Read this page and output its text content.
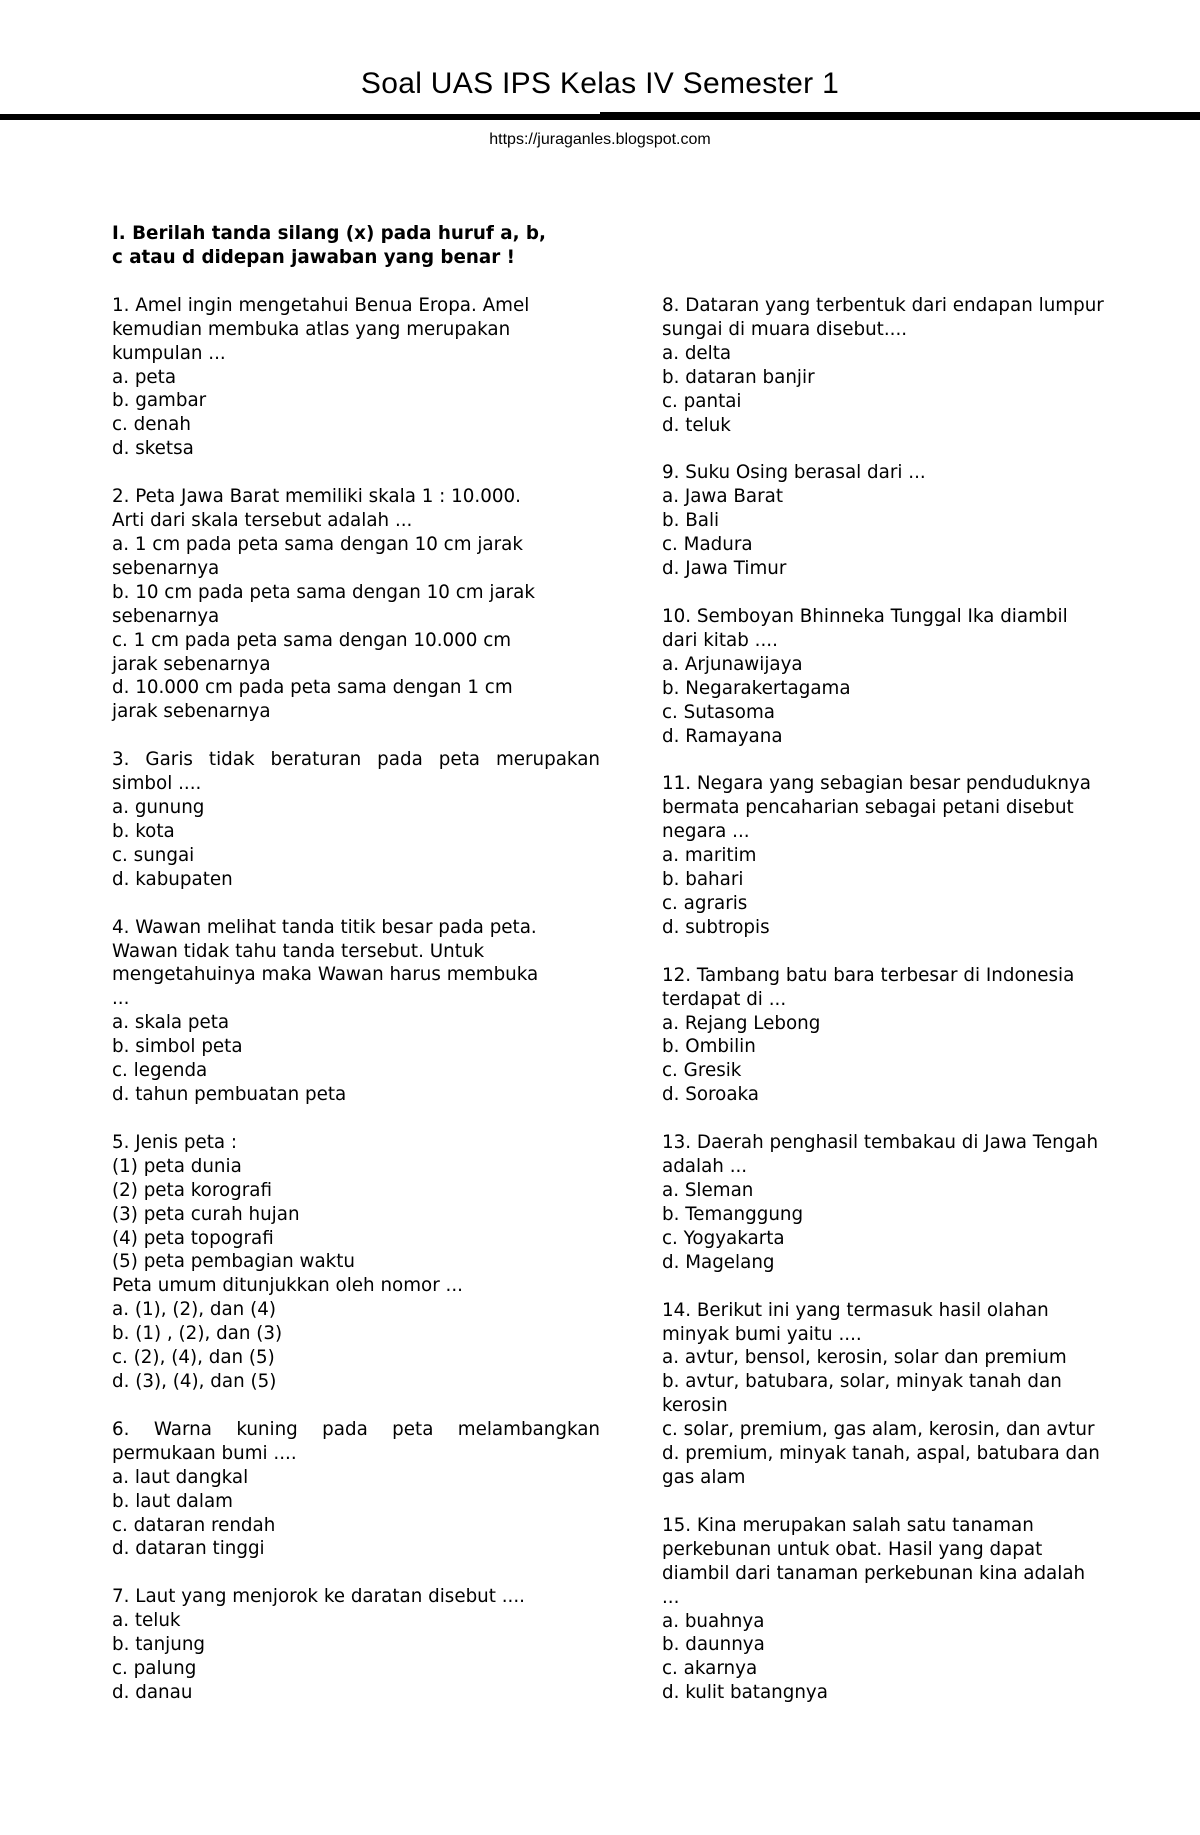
Soal UAS IPS Kelas IV Semester 1
https://juraganles.blogspot.com
I. Berilah tanda silang (x) pada huruf a, b,
c atau d didepan jawaban yang benar !
1. Amel ingin mengetahui Benua Eropa. Amel
kemudian membuka atlas yang merupakan
kumpulan ...
a. peta
b. gambar
c. denah
d. sketsa
2. Peta Jawa Barat memiliki skala 1 : 10.000.
Arti dari skala tersebut adalah ...
a. 1 cm pada peta sama dengan 10 cm jarak
sebenarnya
b. 10 cm pada peta sama dengan 10 cm jarak
sebenarnya
c. 1 cm pada peta sama dengan 10.000 cm
jarak sebenarnya
d. 10.000 cm pada peta sama dengan 1 cm
jarak sebenarnya
3. Garis tidak beraturan pada peta merupakan
simbol ....
a. gunung
b. kota
c. sungai
d. kabupaten
4. Wawan melihat tanda titik besar pada peta.
Wawan tidak tahu tanda tersebut. Untuk
mengetahuinya maka Wawan harus membuka
...
a. skala peta
b. simbol peta
c. legenda
d. tahun pembuatan peta
5. Jenis peta :
(1) peta dunia
(2) peta korografi
(3) peta curah hujan
(4) peta topografi
(5) peta pembagian waktu
Peta umum ditunjukkan oleh nomor ...
a. (1), (2), dan (4)
b. (1) , (2), dan (3)
c. (2), (4), dan (5)
d. (3), (4), dan (5)
6. Warna kuning pada peta melambangkan
permukaan bumi ....
a. laut dangkal
b. laut dalam
c. dataran rendah
d. dataran tinggi
7. Laut yang menjorok ke daratan disebut ....
a. teluk
b. tanjung
c. palung
d. danau
8. Dataran yang terbentuk dari endapan lumpur
sungai di muara disebut....
a. delta
b. dataran banjir
c. pantai
d. teluk
9. Suku Osing berasal dari ...
a. Jawa Barat
b. Bali
c. Madura
d. Jawa Timur
10. Semboyan Bhinneka Tunggal Ika diambil
dari kitab ....
a. Arjunawijaya
b. Negarakertagama
c. Sutasoma
d. Ramayana
11. Negara yang sebagian besar penduduknya
bermata pencaharian sebagai petani disebut
negara ...
a. maritim
b. bahari
c. agraris
d. subtropis
12. Tambang batu bara terbesar di Indonesia
terdapat di ...
a. Rejang Lebong
b. Ombilin
c. Gresik
d. Soroaka
13. Daerah penghasil tembakau di Jawa Tengah
adalah ...
a. Sleman
b. Temanggung
c. Yogyakarta
d. Magelang
14. Berikut ini yang termasuk hasil olahan
minyak bumi yaitu ....
a. avtur, bensol, kerosin, solar dan premium
b. avtur, batubara, solar, minyak tanah dan
kerosin
c. solar, premium, gas alam, kerosin, dan avtur
d. premium, minyak tanah, aspal, batubara dan
gas alam
15. Kina merupakan salah satu tanaman
perkebunan untuk obat. Hasil yang dapat
diambil dari tanaman perkebunan kina adalah
...
a. buahnya
b. daunnya
c. akarnya
d. kulit batangnya
